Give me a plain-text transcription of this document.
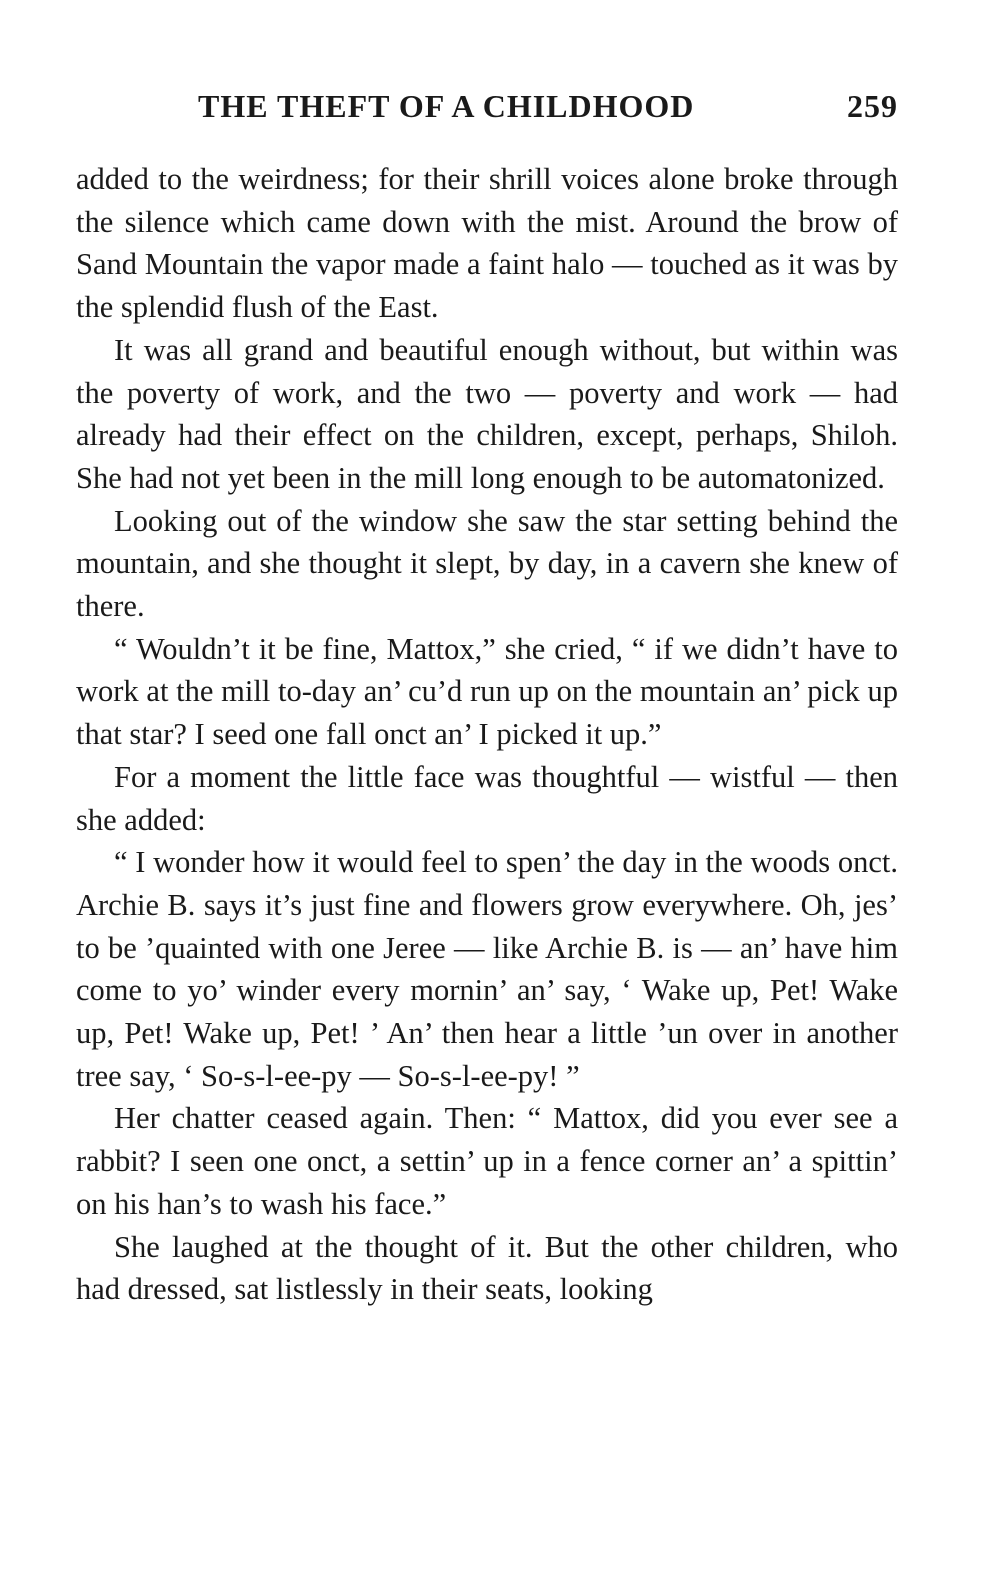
THE THEFT OF A CHILDHOOD	259

added to the weirdness; for their shrill voices alone broke through the silence which came down with the mist. Around the brow of Sand Mountain the vapor made a faint halo — touched as it was by the splendid flush of the East.

It was all grand and beautiful enough without, but within was the poverty of work, and the two — poverty and work — had already had their effect on the children, except, perhaps, Shiloh. She had not yet been in the mill long enough to be automatonized.

Looking out of the window she saw the star setting behind the mountain, and she thought it slept, by day, in a cavern she knew of there.

“ Wouldn’t it be fine, Mattox,” she cried, “ if we didn’t have to work at the mill to-day an’ cu’d run up on the mountain an’ pick up that star? I seed one fall onct an’ I picked it up.”

For a moment the little face was thoughtful — wistful — then she added:

“ I wonder how it would feel to spen’ the day in the woods onct. Archie B. says it’s just fine and flowers grow everywhere. Oh, jes’ to be ’quainted with one Jeree — like Archie B. is — an’ have him come to yo’ winder every mornin’ an’ say, ‘ Wake up, Pet! Wake up, Pet! Wake up, Pet! ’ An’ then hear a little ’un over in another tree say, ‘ So-s-l-ee-py — So-s-l-ee-py! ”

Her chatter ceased again. Then: “ Mattox, did you ever see a rabbit? I seen one onct, a settin’ up in a fence corner an’ a spittin’ on his han’s to wash his face.”

She laughed at the thought of it. But the other children, who had dressed, sat listlessly in their seats, looking
